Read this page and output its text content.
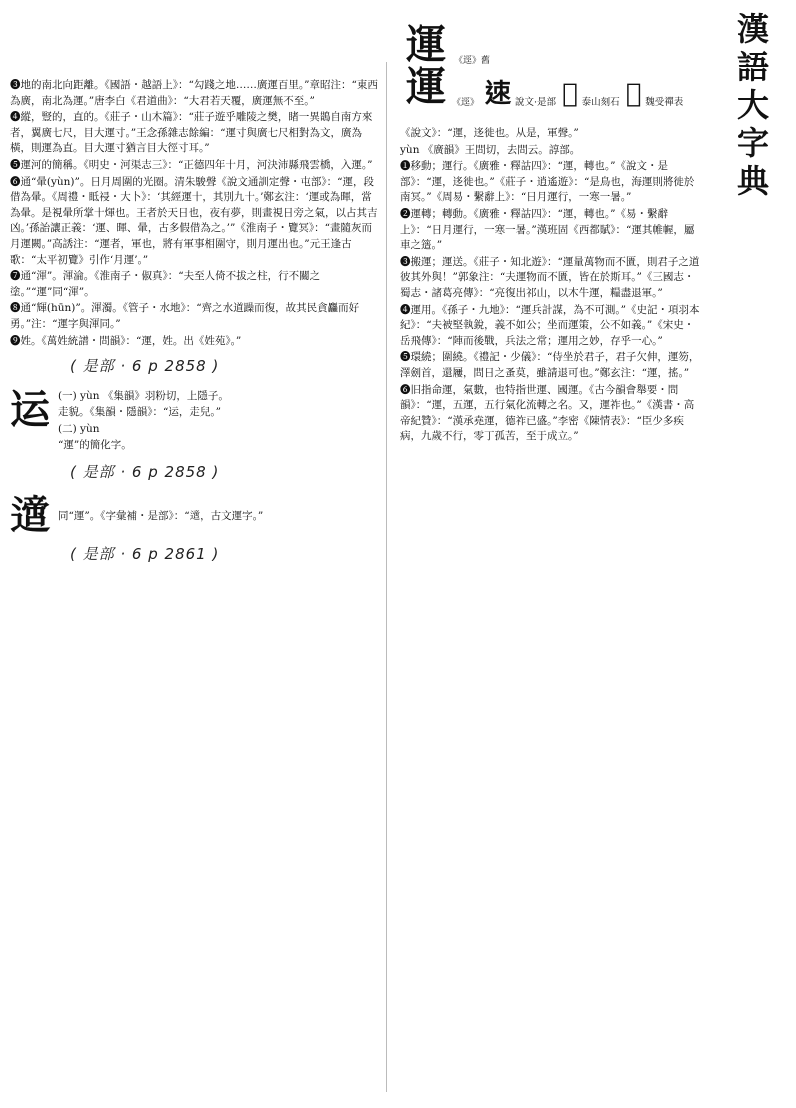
漢
語
大
字
典
運 《逕》舊
運 《逕》 𨒪 說文·是部 𨔉 泰山刻石 𨖨 魏受禪表

❸地的南北向距離。《國語・越語上》：“勾踐之地……廣運百里。”章昭注：“東西為廣，南北為運。”唐李白《君道曲》：“大君若天覆，廣運無不至。”

❹縱，豎的，直的。《莊子・山木篇》：“莊子遊乎雕陵之樊，睹一異鵲自南方來者，翼廣七尺，目大運寸。”王念孫雜志餘編：“運寸與廣七尺相對為文，廣為橫，則運為直。目大運寸猶言目大徑寸耳。”

❺運河的簡稱。《明史・河渠志三》：“正德四年十月，河決沛縣飛雲橋，入運。”

❻通“暈(yùn)”。日月周圍的光圈。清朱駿聲《說文通訓定聲・屯部》：“運，段借為暈。《周禮・眡祲・大卜》：‘其經運十，其別九十。’鄭玄注：‘運或為暉，當為暈。是視暈所掌十煇也。王者於天日也，夜有夢，則畫視日旁之氣，以占其吉凶。’孫詒讓正義：‘運、暉、暈，古多假借為之。’”《淮南子・覽冥》：“畫隨灰而月運闕。”高誘注：“運者，軍也，將有軍事相圍守，則月運出也。”元王逢古歌：“太平初覽》引作‘月運’。”

❼通“渾”。渾淪。《淮南子・俶真》：“夫至人倚不拔之柱，行不關之塗。”“運”同“渾”。

❽通“輝(hūn)”。渾濁。《管子・水地》：“齊之水道躁而復，故其民貪麤而好勇。”注：“運字與渾同。”

❾姓。《萬姓統譜・問韻》：“運，姓。出《姓苑》。”

( 是部 · 6 p 2858 )
运 (一) yùn 《集韻》羽粉切，上隱子。

走貌。《集韻・隱韻》：“运，走兒。”

(二) yùn

“運”的簡化字。

( 是部 · 6 p 2858 )
𨗁 同“運”。《字彙補・是部》：“𨗁，古文運字。”

( 是部 · 6 p 2861 )

《說文》：“運，迻徙也。从是，軍聲。”

yùn 《廣韻》王問切，去問云。諄部。

❶移動；運行。《廣雅・釋詁四》：“運，轉也。”《說文・是部》：“運，迻徙也。”《莊子・逍遙遊》：“是鳥也，海運則將徙於南冥。”《周易・繫辭上》：“日月運行，一寒一暑。”

❷運轉；轉動。《廣雅・釋詁四》：“運，轉也。”《易・繫辭上》：“日月運行，一寒一暑。”漢班固《西都賦》：“運其帷幄，屬車之簉。”

❸搬運；運送。《莊子・知北遊》：“運量萬物而不匱，則君子之道彼其外與！”郭象注：“夫運物而不匱，皆在於斯耳。”《三國志・蜀志・諸葛亮傳》：“亮復出祁山，以木牛運，糧盡退軍。”

❹運用。《孫子・九地》：“運兵計謀，為不可測。”《史記・項羽本紀》：“夫被堅執銳，義不如公；坐而運策，公不如義。”《宋史・岳飛傳》：“陣而後戰，兵法之常；運用之妙，存乎一心。”

❺環繞；圍繞。《禮記・少儀》：“侍坐於君子，君子欠伸，運笏，澤劍首，還屨，問日之蚤莫，雖請退可也。”鄭玄注：“運，搖。”

❻旧指命運，氣數，也特指世運、國運。《古今韻會舉要・問韻》：“運，五運，五行氣化流轉之名。又，運祚也。”《漢書・高帝紀贊》：“漢承堯運，德祚已盛。”李密《陳情表》：“臣少多疾病，九歲不行，零丁孤苦，至于成立。”
